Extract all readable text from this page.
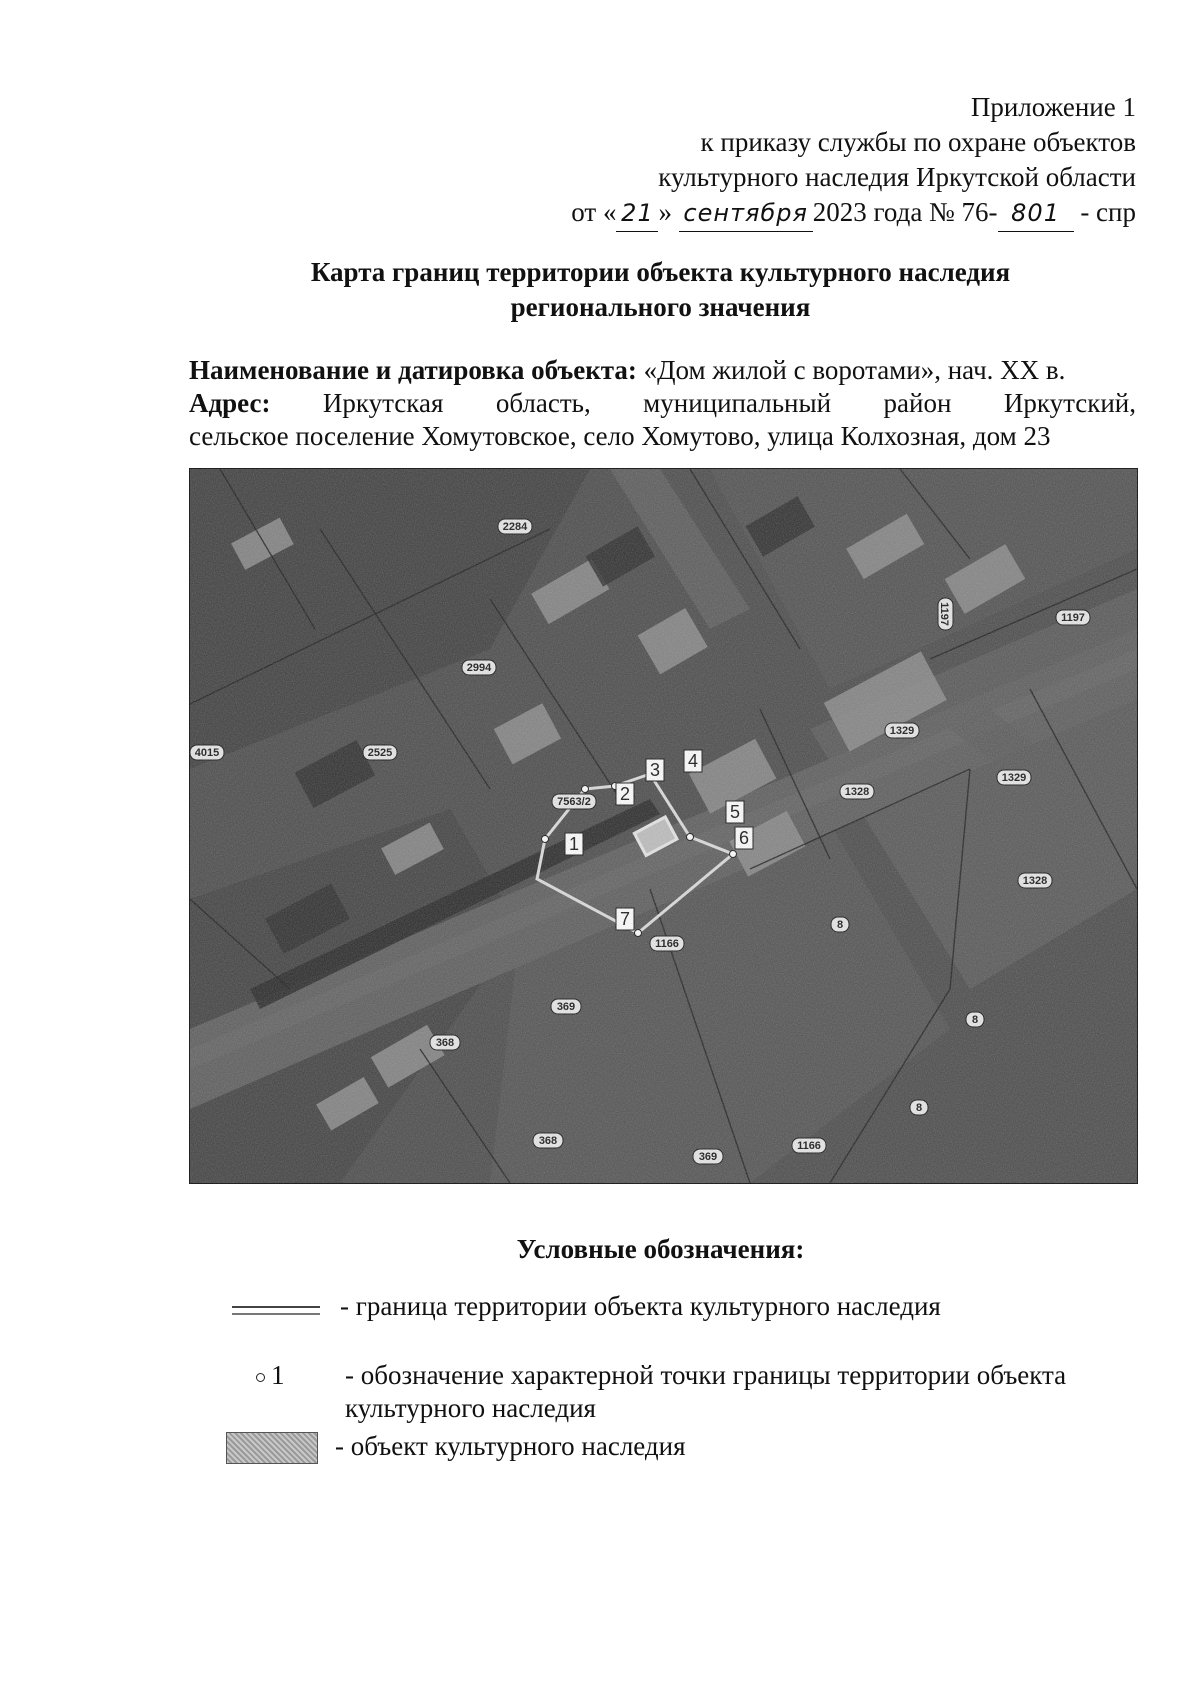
Приложение 1
к приказу службы по охране объектов
культурного наследия Иркутской области
от « 21 » сентября 2023 года № 76- 801 - спр
Карта границ территории объекта культурного наследия
регионального значения

Наименование и датировка объекта: «Дом жилой с воротами», нач. XX в.

Адрес: Иркутская область, муниципальный район Иркутский,

сельское поселение Хомутовское, село Хомутово, улица Колхозная, дом 23

Условные обозначения:
- граница территории объекта культурного наследия
1 - обозначение характерной точки границы территории объекта
культурного наследия
- объект культурного наследия
